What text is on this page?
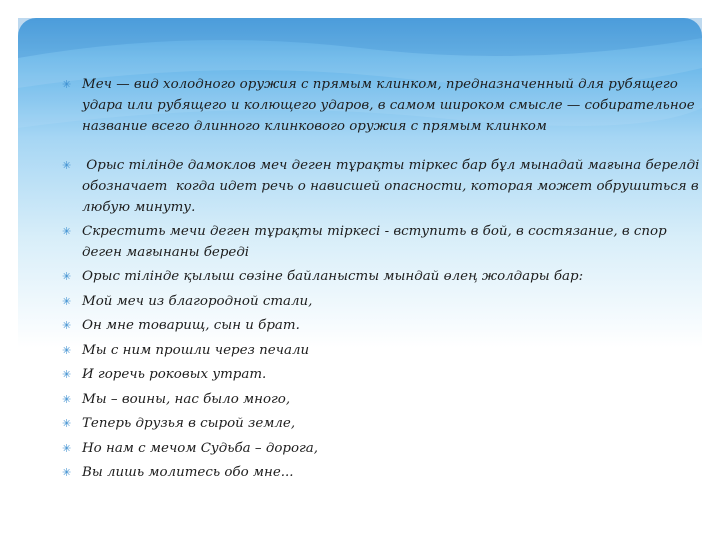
✳ Меч — вид холодного оружия с прямым клинком, предназначенный для рубящего удара или рубящего и колющего ударов, в самом широком смысле — собирательное название всего длинного клинкового оружия с прямым клинком
✳ Орыс тілінде дамоклов меч деген тұрақты тіркес бар бұл мынадай мағына берелді  обозначает  когда идет речь о нависшей опасности, которая может обрушиться в любую минуту.
✳ Скрестить мечи деген тұрақты тіркесі - вступить в бой, в состязание, в спор деген мағынаны береді
✳ Орыс тілінде қылыш сөзіне байланысты мындай өлең жолдары бар:
✳ Мой меч из благородной стали,
✳ Он мне товарищ, сын и брат.
✳ Мы с ним прошли через печали
✳ И горечь роковых утрат.
✳ Мы – воины, нас было много,
✳ Теперь друзья в сырой земле,
✳ Но нам с мечом Судьба – дорога,
✳ Вы лишь молитесь обо мне...
